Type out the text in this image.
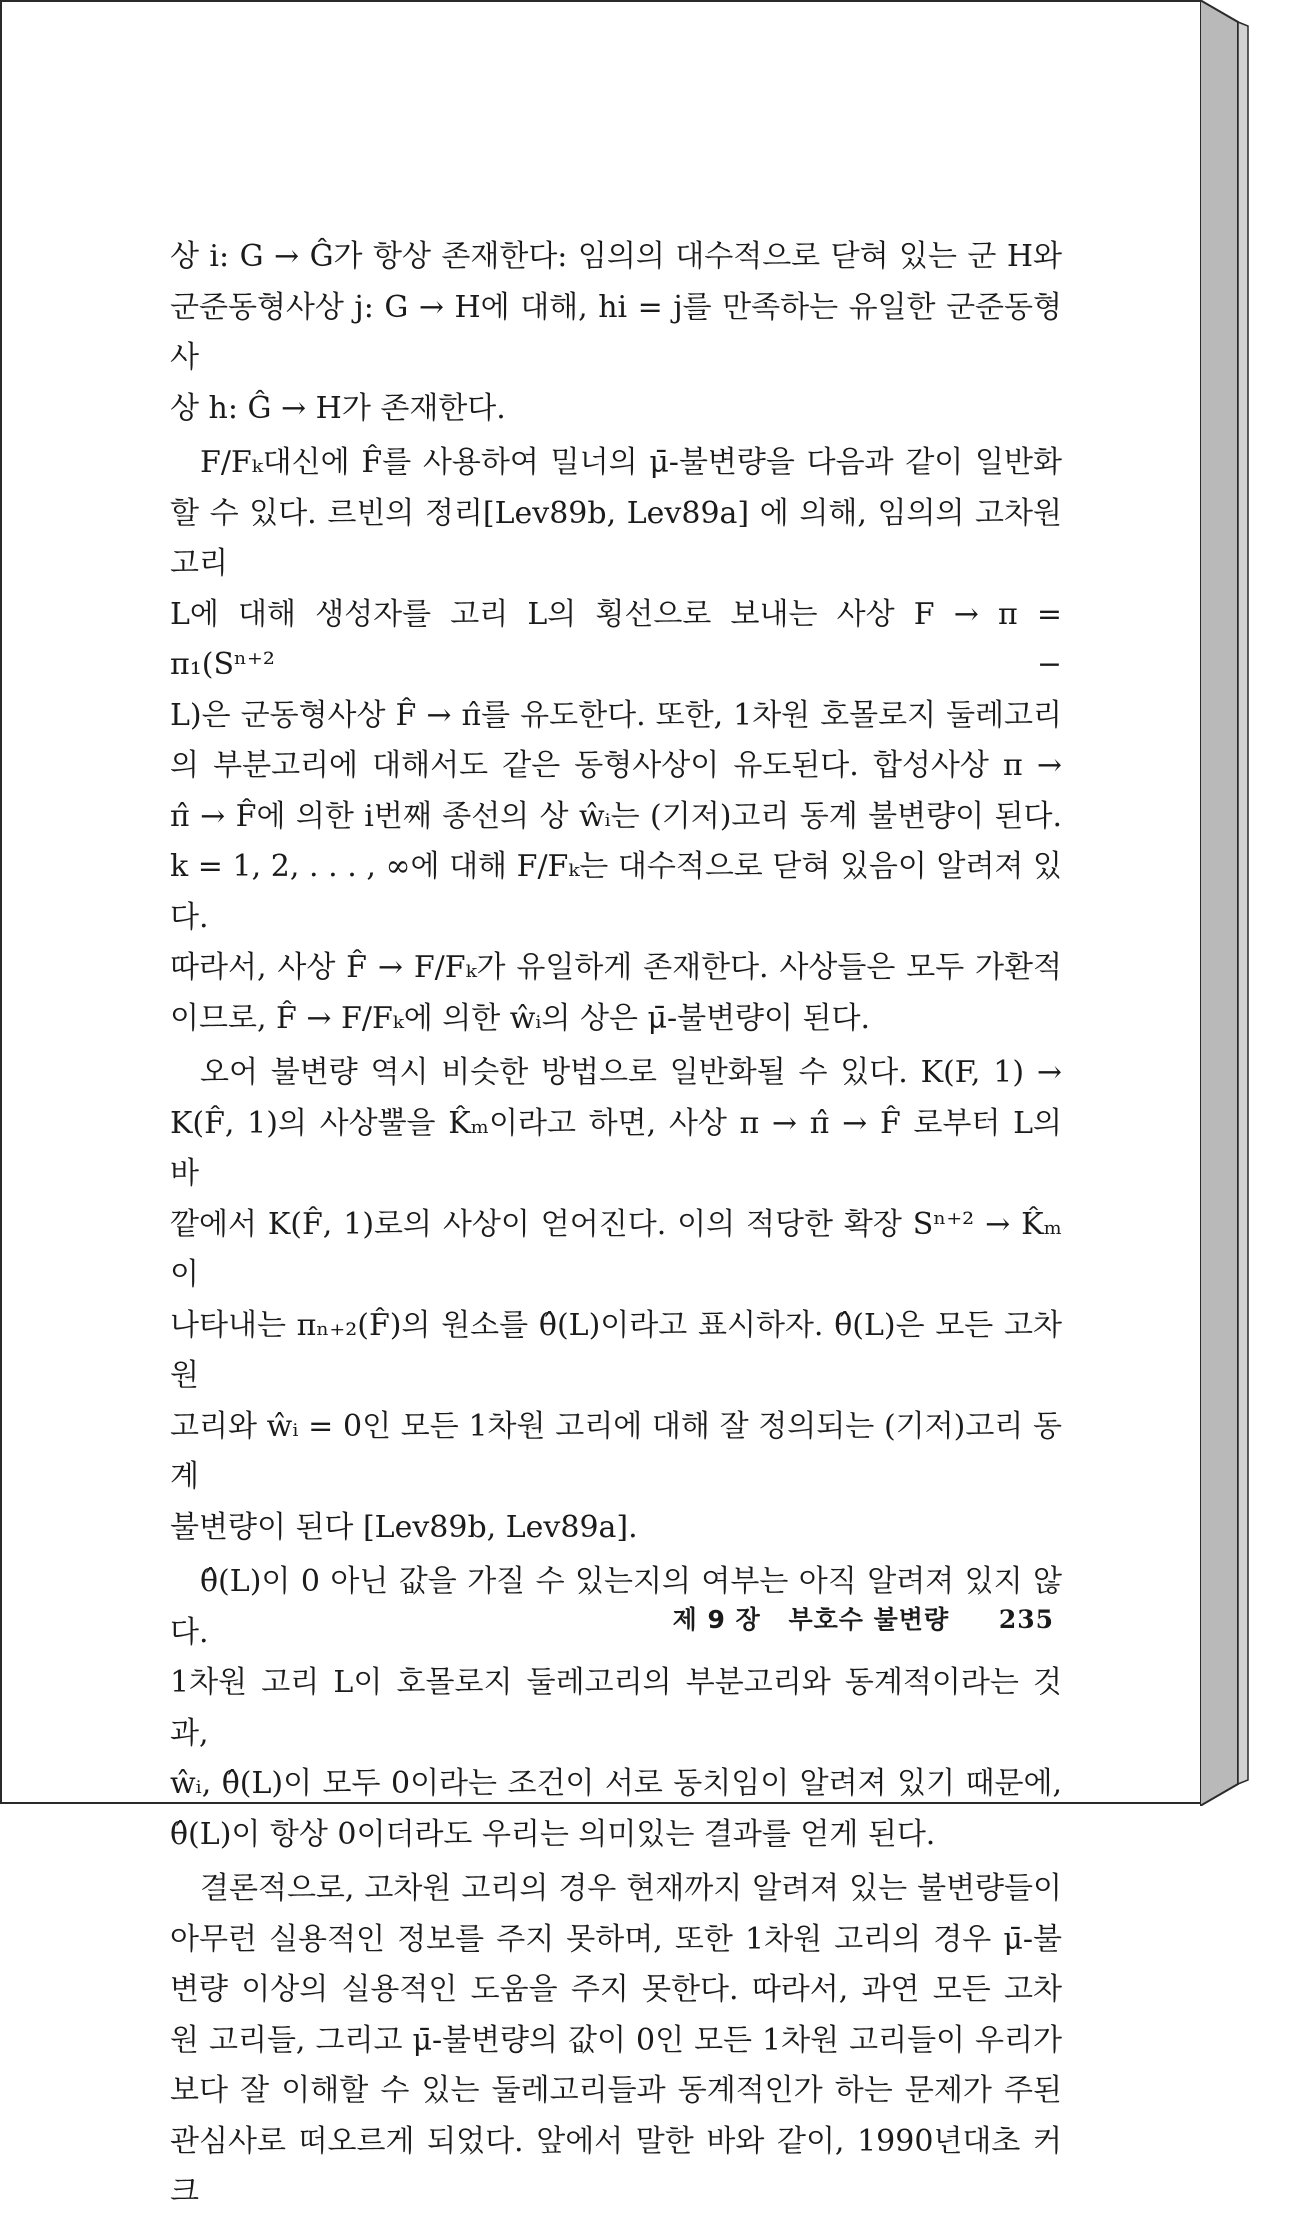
상 i: G → Ĝ가 항상 존재한다: 임의의 대수적으로 닫혀 있는 군 H와
군준동형사상 j: G → H에 대해, hi = j를 만족하는 유일한 군준동형사
상 h: Ĝ → H가 존재한다.

F/Fₖ대신에 F̂를 사용하여 밀너의 μ̄-불변량을 다음과 같이 일반화
할 수 있다. 르빈의 정리[Lev89b, Lev89a] 에 의해, 임의의 고차원 고리
L에 대해 생성자를 고리 L의 횡선으로 보내는 사상 F → π = π₁(Sⁿ⁺² −
L)은 군동형사상 F̂ → π̂를 유도한다. 또한, 1차원 호몰로지 둘레고리
의 부분고리에 대해서도 같은 동형사상이 유도된다. 합성사상 π →
π̂ → F̂에 의한 i번째 종선의 상 ŵᵢ는 (기저)고리 동계 불변량이 된다.
k = 1, 2, . . . , ∞에 대해 F/Fₖ는 대수적으로 닫혀 있음이 알려져 있다.
따라서, 사상 F̂ → F/Fₖ가 유일하게 존재한다. 사상들은 모두 가환적
이므로, F̂ → F/Fₖ에 의한 ŵᵢ의 상은 μ̄-불변량이 된다.

오어 불변량 역시 비슷한 방법으로 일반화될 수 있다. K(F, 1) →
K(F̂, 1)의 사상뿔을 K̂ₘ이라고 하면, 사상 π → π̂ → F̂ 로부터 L의 바
깥에서 K(F̂, 1)로의 사상이 얻어진다. 이의 적당한 확장 Sⁿ⁺² → K̂ₘ이
나타내는 πₙ₊₂(F̂)의 원소를 θ̂(L)이라고 표시하자. θ̂(L)은 모든 고차원
고리와 ŵᵢ = 0인 모든 1차원 고리에 대해 잘 정의되는 (기저)고리 동계
불변량이 된다 [Lev89b, Lev89a].

θ̂(L)이 0 아닌 값을 가질 수 있는지의 여부는 아직 알려져 있지 않다.
1차원 고리 L이 호몰로지 둘레고리의 부분고리와 동계적이라는 것과,
ŵᵢ, θ̂(L)이 모두 0이라는 조건이 서로 동치임이 알려져 있기 때문에,
θ̂(L)이 항상 0이더라도 우리는 의미있는 결과를 얻게 된다.

결론적으로, 고차원 고리의 경우 현재까지 알려져 있는 불변량들이
아무런 실용적인 정보를 주지 못하며, 또한 1차원 고리의 경우 μ̄-불
변량 이상의 실용적인 도움을 주지 못한다. 따라서, 과연 모든 고차
원 고리들, 그리고 μ̄-불변량의 값이 0인 모든 1차원 고리들이 우리가
보다 잘 이해할 수 있는 둘레고리들과 동계적인가 하는 문제가 주된
관심사로 떠오르게 되었다. 앞에서 말한 바와 같이, 1990년대초 커크

제 9 장 부호수 불변량 235
